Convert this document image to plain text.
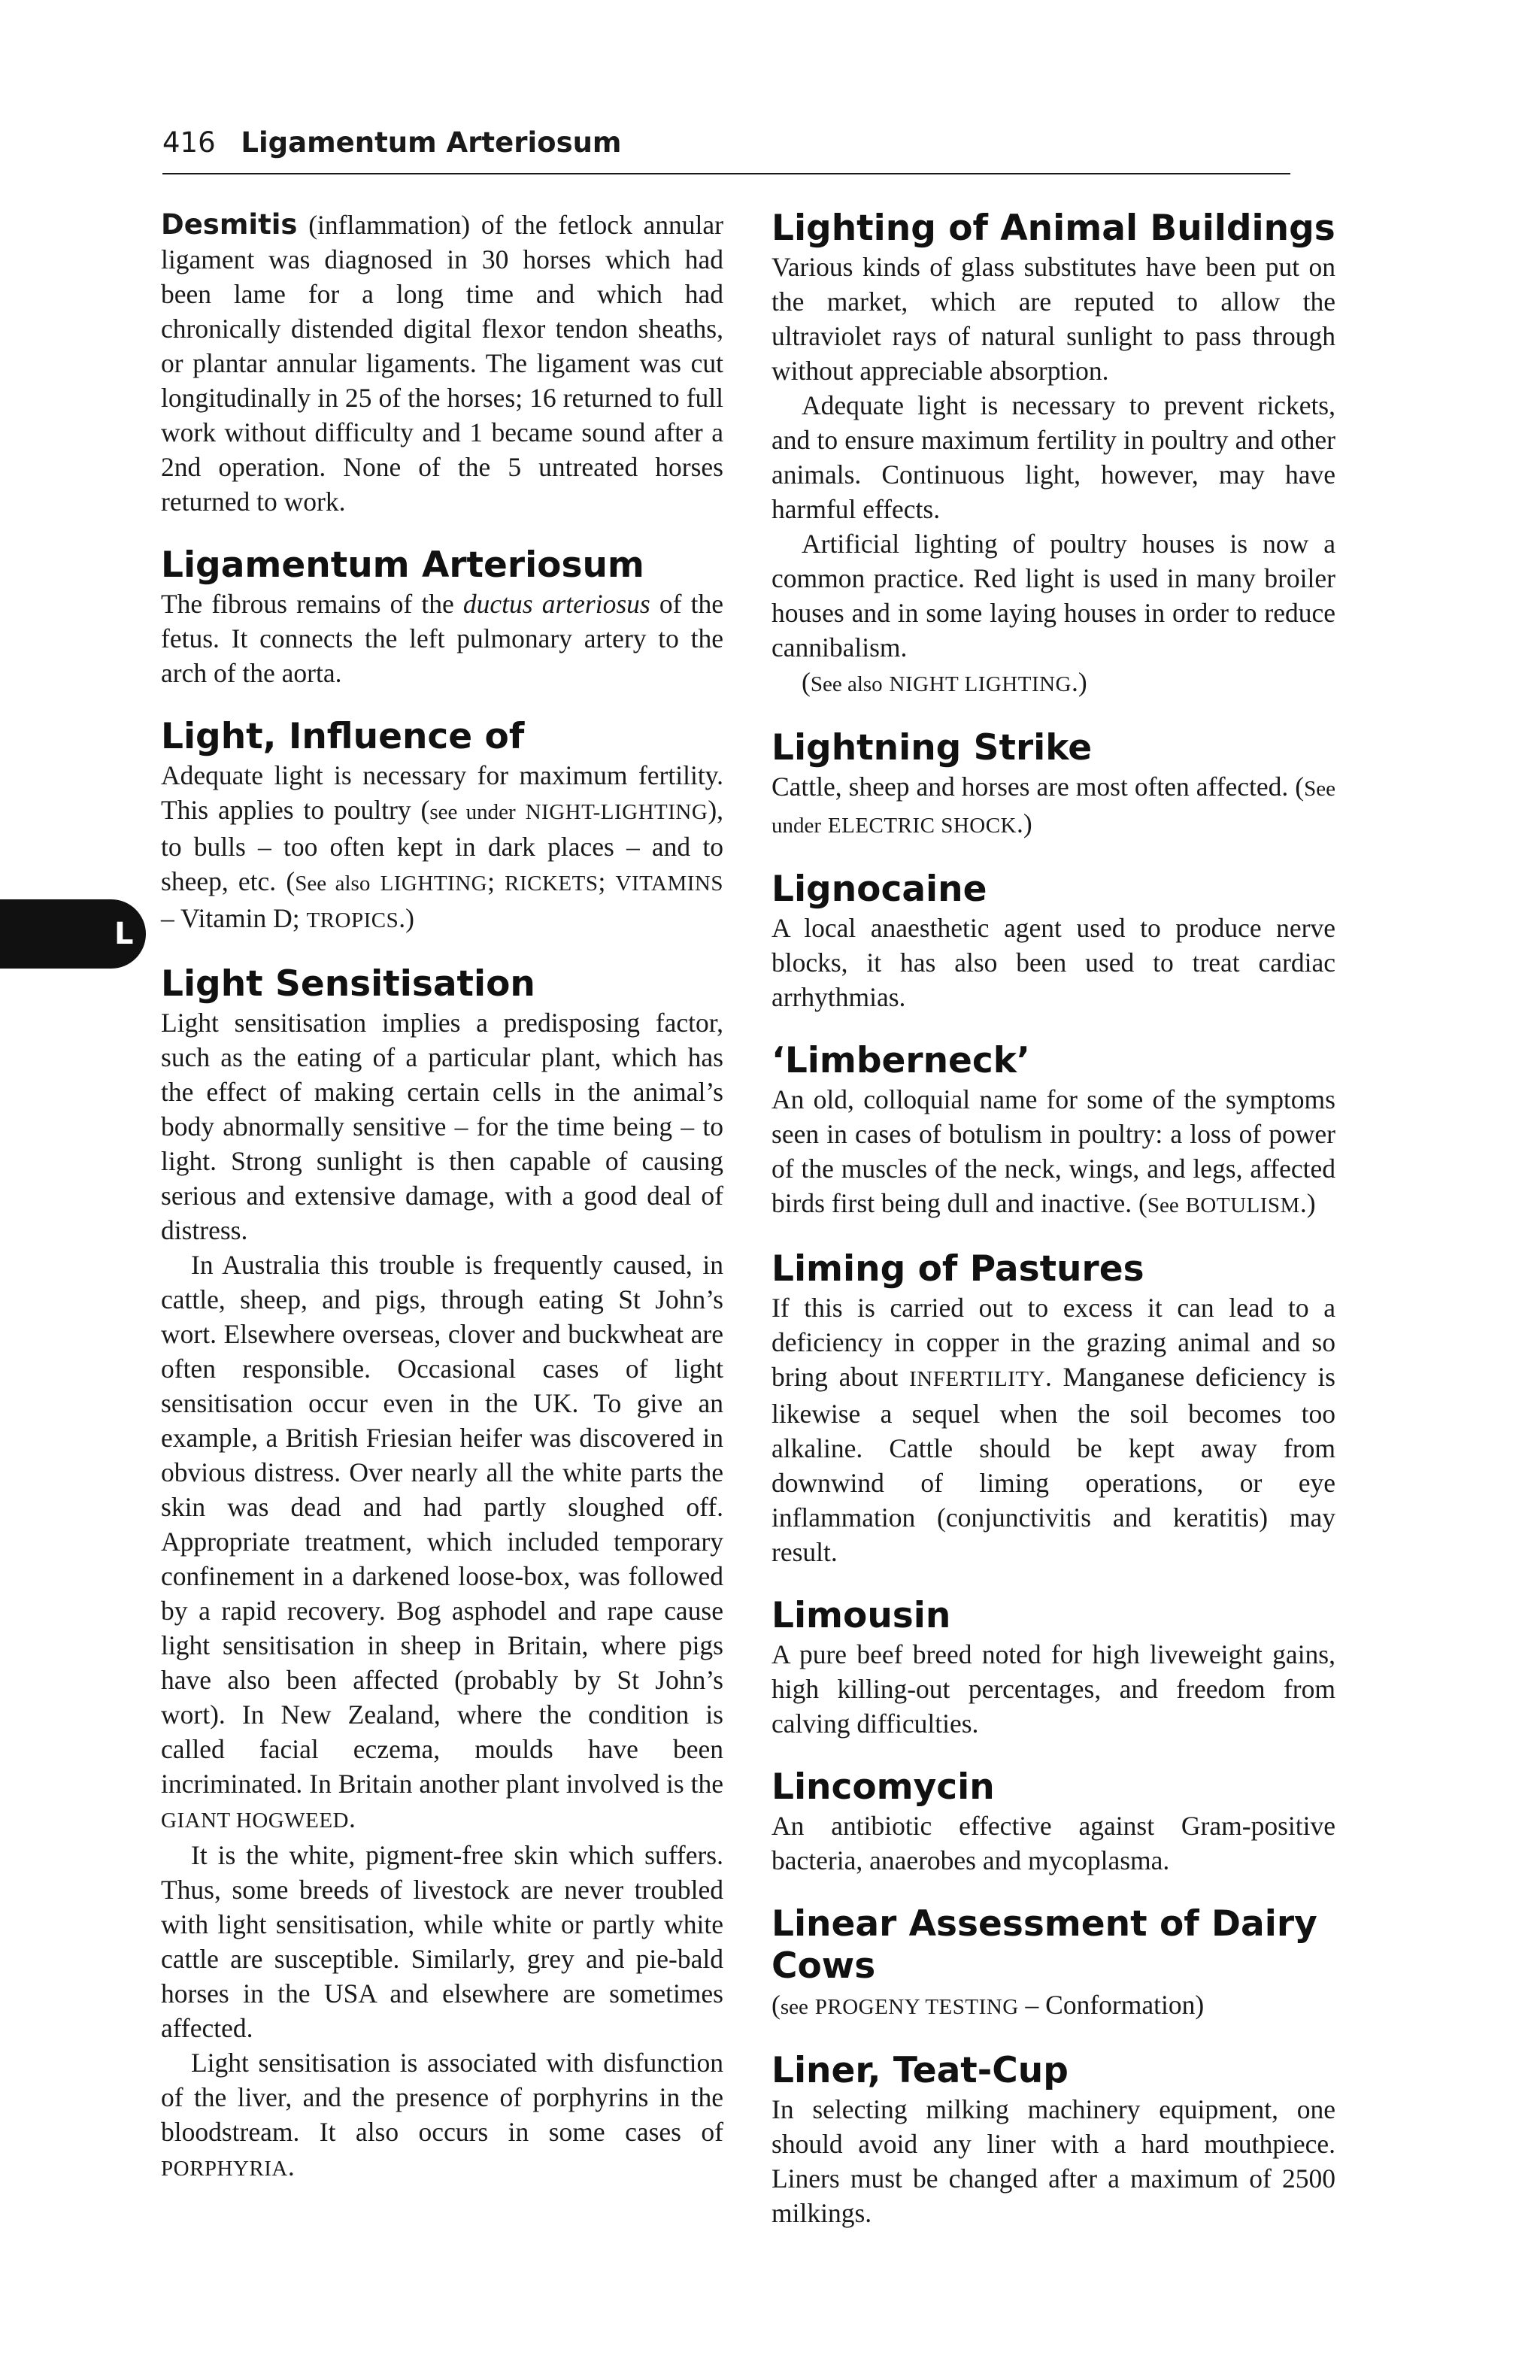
416 Ligamentum Arteriosum
L

Desmitis (inflammation) of the fetlock annular ligament was diagnosed in 30 horses which had been lame for a long time and which had chronically distended digital flexor tendon sheaths, or plantar annular ligaments. The ligament was cut longitudinally in 25 of the horses; 16 returned to full work without difficulty and 1 became sound after a 2nd operation. None of the 5 untreated horses returned to work.

Ligamentum Arteriosum

The fibrous remains of the ductus arteriosus of the fetus. It connects the left pulmonary artery to the arch of the aorta.

Light, Influence of

Adequate light is necessary for maximum fertility. This applies to poultry (see under NIGHT-LIGHTING), to bulls – too often kept in dark places – and to sheep, etc. (See also LIGHTING; RICKETS; VITAMINS – Vitamin D; TROPICS.)

Light Sensitisation

Light sensitisation implies a predisposing factor, such as the eating of a particular plant, which has the effect of making certain cells in the animal’s body abnormally sensitive – for the time being – to light. Strong sunlight is then capable of causing serious and extensive damage, with a good deal of distress.

In Australia this trouble is frequently caused, in cattle, sheep, and pigs, through eating St John’s wort. Elsewhere overseas, clover and buckwheat are often responsible. Occasional cases of light sensitisation occur even in the UK. To give an example, a British Friesian heifer was discovered in obvious distress. Over nearly all the white parts the skin was dead and had partly sloughed off. Appropriate treatment, which included temporary confinement in a darkened loose-box, was followed by a rapid recovery. Bog asphodel and rape cause light sensitisation in sheep in Britain, where pigs have also been affected (probably by St John’s wort). In New Zealand, where the condition is called facial eczema, moulds have been incriminated. In Britain another plant involved is the GIANT HOGWEED.

It is the white, pigment-free skin which suffers. Thus, some breeds of livestock are never troubled with light sensitisation, while white or partly white cattle are susceptible. Similarly, grey and pie-bald horses in the USA and elsewhere are sometimes affected.

Light sensitisation is associated with disfunction of the liver, and the presence of porphyrins in the bloodstream. It also occurs in some cases of PORPHYRIA.

Lighting of Animal Buildings

Various kinds of glass substitutes have been put on the market, which are reputed to allow the ultraviolet rays of natural sunlight to pass through without appreciable absorption.

Adequate light is necessary to prevent rickets, and to ensure maximum fertility in poultry and other animals. Continuous light, however, may have harmful effects.

Artificial lighting of poultry houses is now a common practice. Red light is used in many broiler houses and in some laying houses in order to reduce cannibalism.

(See also NIGHT LIGHTING.)

Lightning Strike

Cattle, sheep and horses are most often affected. (See under ELECTRIC SHOCK.)

Lignocaine

A local anaesthetic agent used to produce nerve blocks, it has also been used to treat cardiac arrhythmias.

‘Limberneck’

An old, colloquial name for some of the symptoms seen in cases of botulism in poultry: a loss of power of the muscles of the neck, wings, and legs, affected birds first being dull and inactive. (See BOTULISM.)

Liming of Pastures

If this is carried out to excess it can lead to a deficiency in copper in the grazing animal and so bring about INFERTILITY. Manganese deficiency is likewise a sequel when the soil becomes too alkaline. Cattle should be kept away from downwind of liming operations, or eye inflammation (conjunctivitis and keratitis) may result.

Limousin

A pure beef breed noted for high liveweight gains, high killing-out percentages, and freedom from calving difficulties.

Lincomycin

An antibiotic effective against Gram-positive bacteria, anaerobes and mycoplasma.

Linear Assessment of Dairy Cows

(see PROGENY TESTING – Conformation)

Liner, Teat-Cup

In selecting milking machinery equipment, one should avoid any liner with a hard mouthpiece. Liners must be changed after a maximum of 2500 milkings.
